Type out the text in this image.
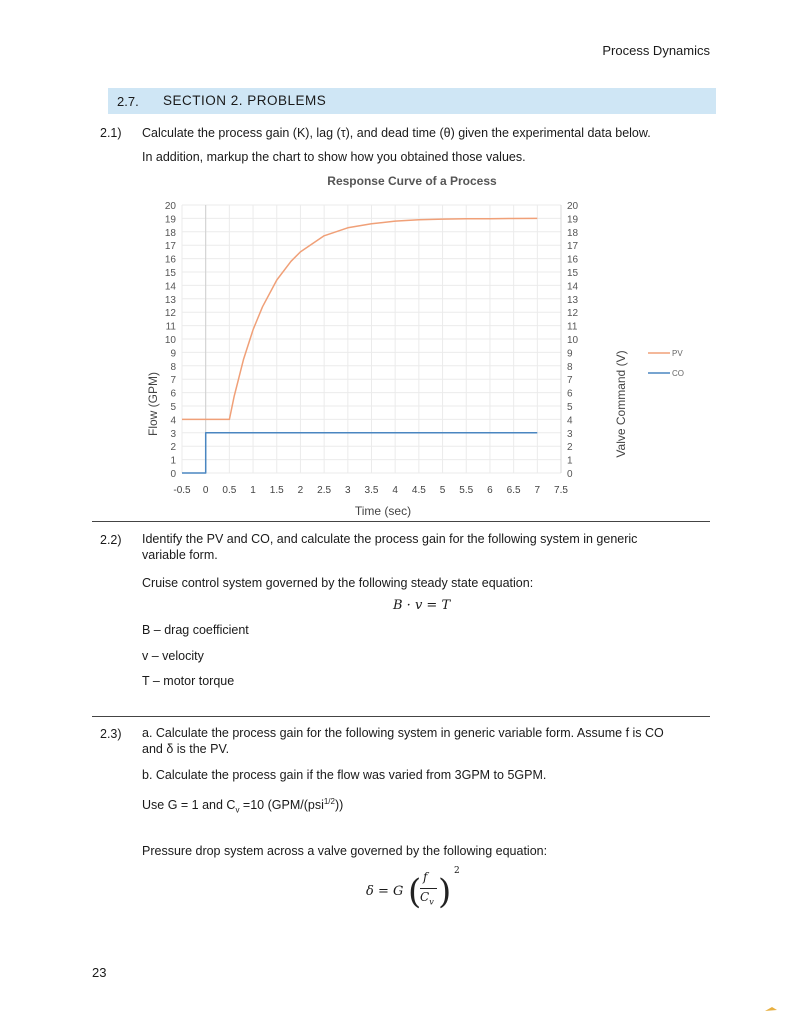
Process Dynamics
2.7. SECTION 2. PROBLEMS
2.1) Calculate the process gain (K), lag (τ), and dead time (θ) given the experimental data below.
In addition, markup the chart to show how you obtained those values.
Response Curve of a Process
0	0
1	1
2	2
3	3
4	4
5	5
6	6
7	7
8	8
9	9
10	10
11	11
12	12
13	13
14	14
15	15
16	16
17	17
18	18
19	19
20	20
-0.5 0 0.5 1 1.5 2 2.5 3 3.5 4 4.5 5 5.5 6 6.5 7 7.5
Time (sec)
Flow (GPM)	Valve Command (V)	PV
CO
2.2) Identify the PV and CO, and calculate the process gain for the following system in generic
variable form.
Cruise control system governed by the following steady state equation:
B · v = T
B – drag coefficient
v – velocity
T – motor torque
2.3) a. Calculate the process gain for the following system in generic variable form. Assume f is CO
and δ is the PV.
b. Calculate the process gain if the flow was varied from 3GPM to 5GPM.
Use G = 1 and $C_v =10$ (GPM/(psi$^{1/2}$))
Pressure drop system across a valve governed by the following equation:
δ = G ( f
$C_v$ )
2
23
